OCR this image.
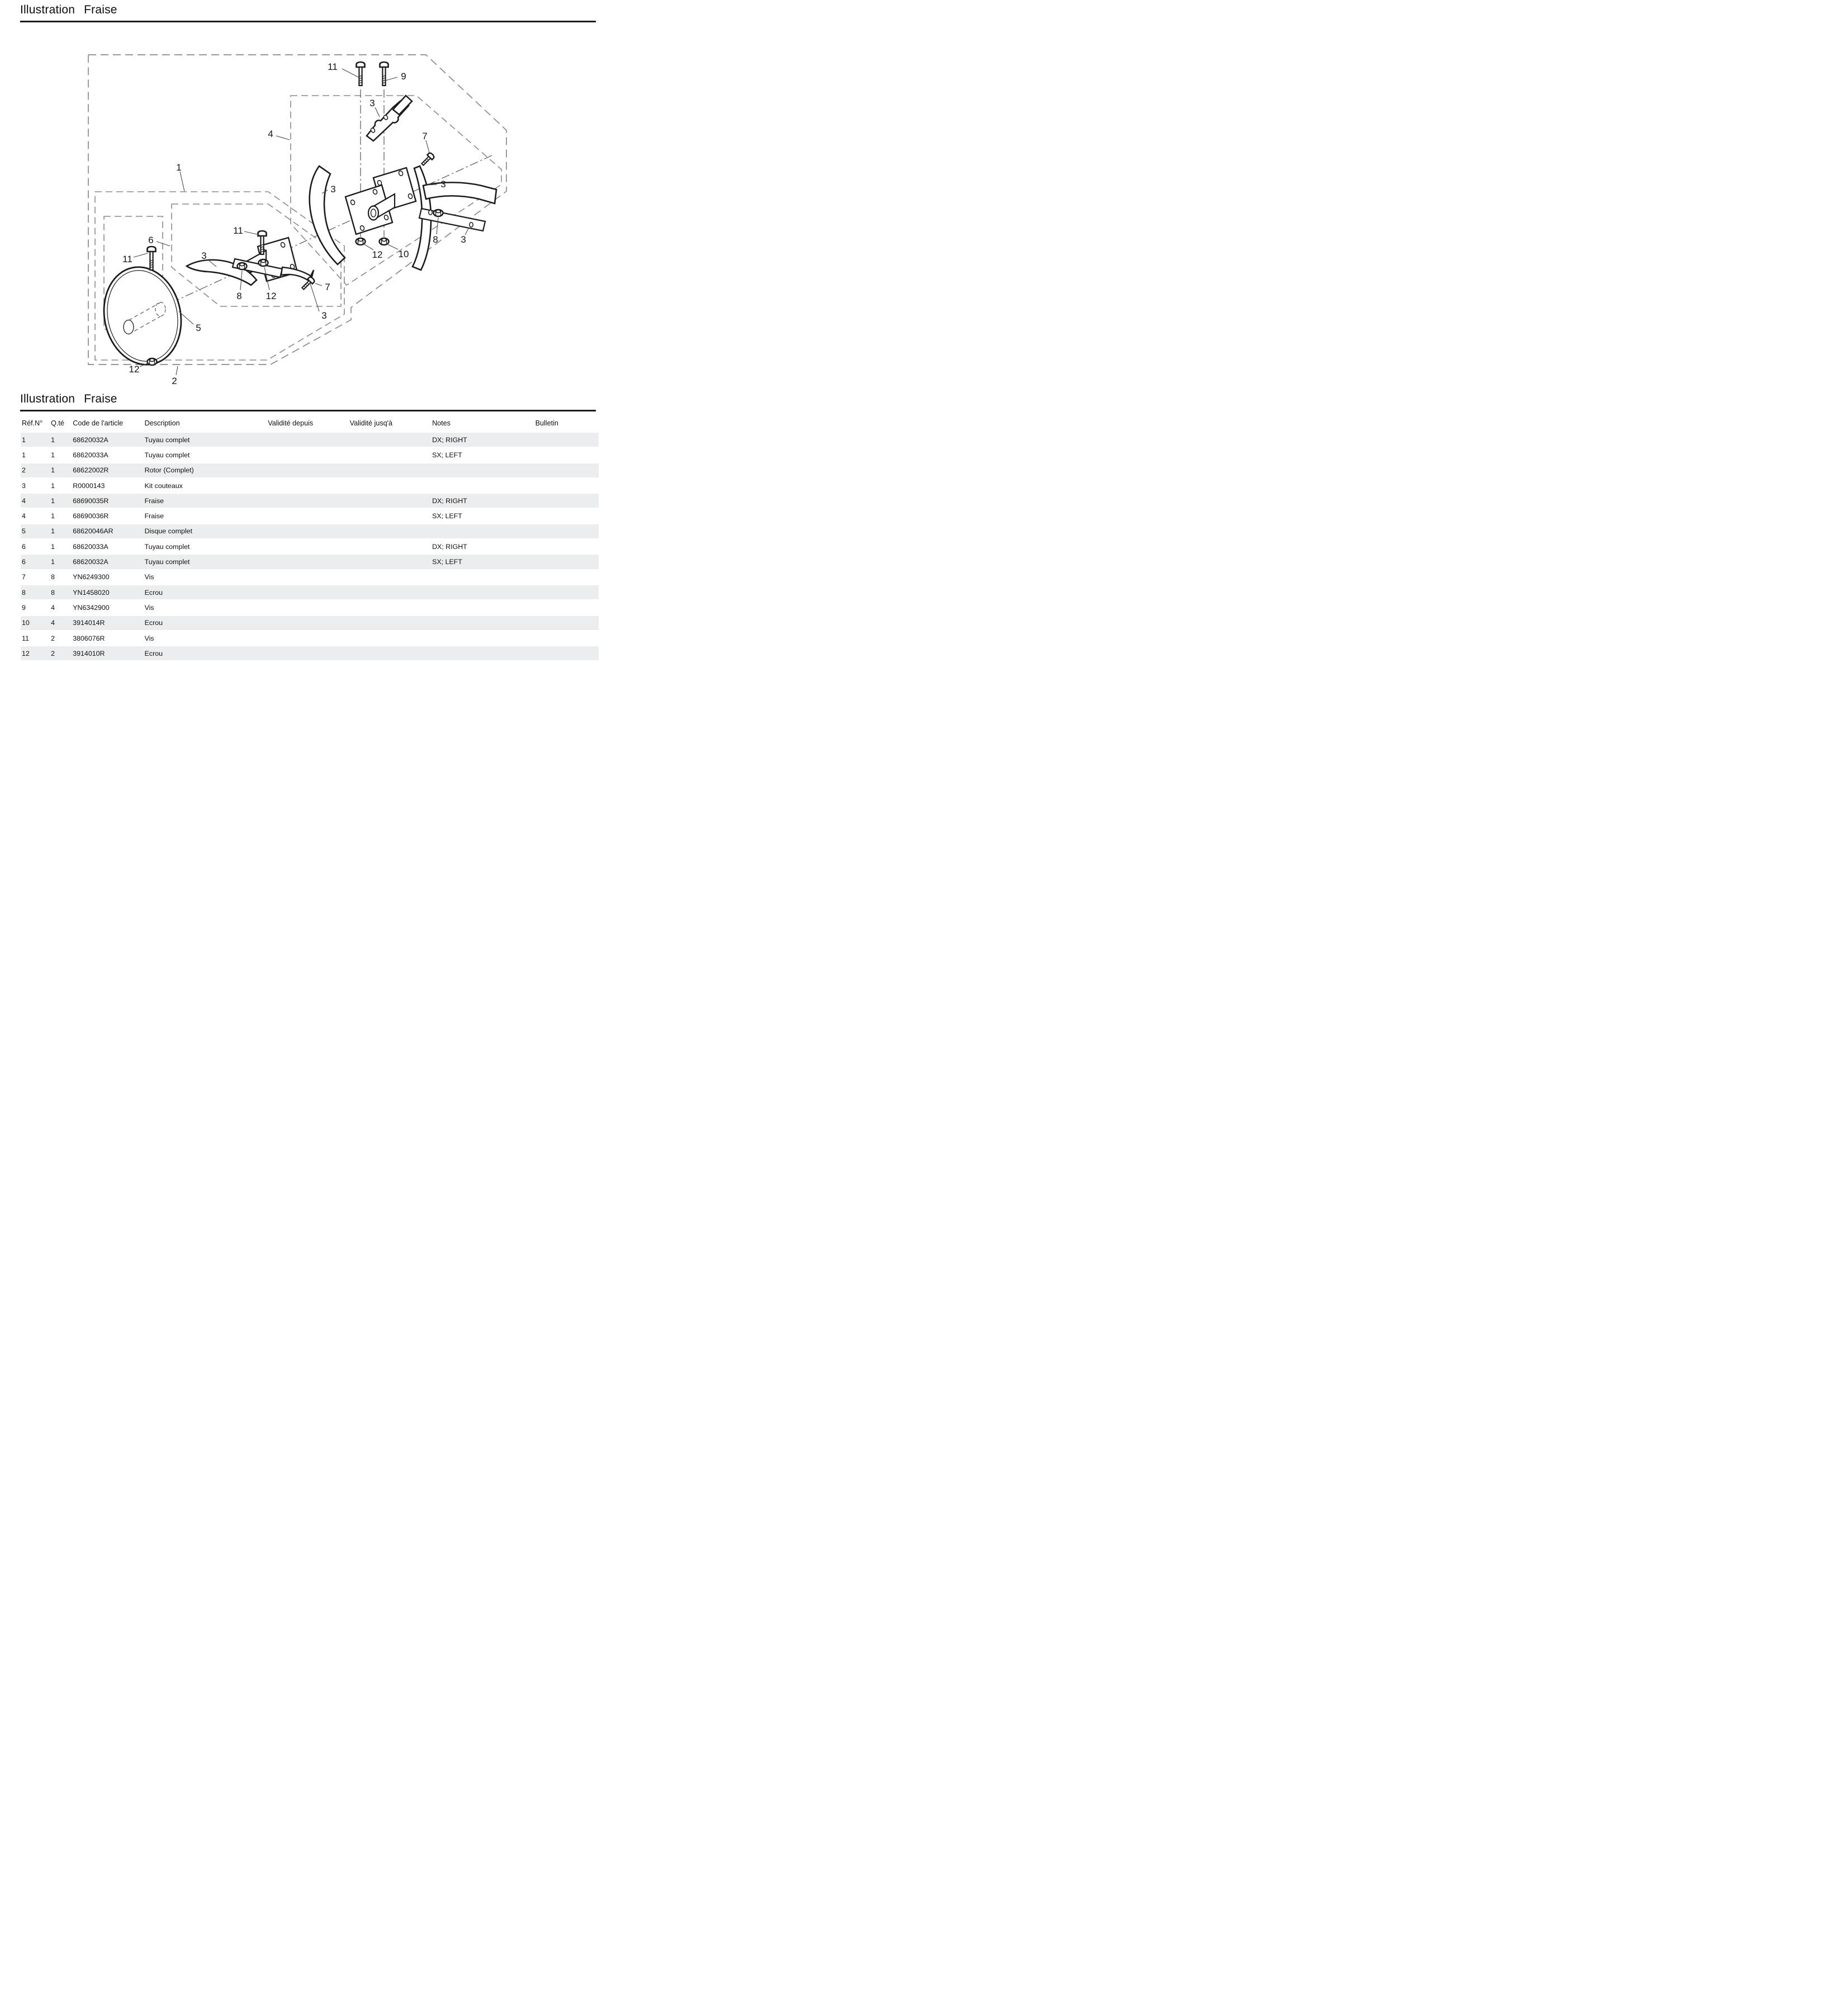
Illustration Fraise
11
9
3
4	7
3	3
1
6
11
3
7
3
11
8	12
12 10
8 3
5
12
2
Illustration Fraise
Réf.N°	Q.té	Code de l'article	Description	Validité depuis	Validité jusq'à	Notes	Bulletin
1	1	68620032A	Tuyau complet			DX; RIGHT	
1	1	68620033A	Tuyau complet			SX; LEFT	
2	1	68622002R	Rotor (Complet)				
3	1	R0000143	Kit couteaux				
4	1	68690035R	Fraise			DX; RIGHT	
4	1	68690036R	Fraise			SX; LEFT	
5	1	68620046AR	Disque complet				
6	1	68620033A	Tuyau complet			DX; RIGHT	
6	1	68620032A	Tuyau complet			SX; LEFT	
7	8	YN6249300	Vis				
8	8	YN1458020	Ecrou				
9	4	YN6342900	Vis				
10	4	3914014R	Ecrou				
11	2	3806076R	Vis				
12	2	3914010R	Ecrou				
